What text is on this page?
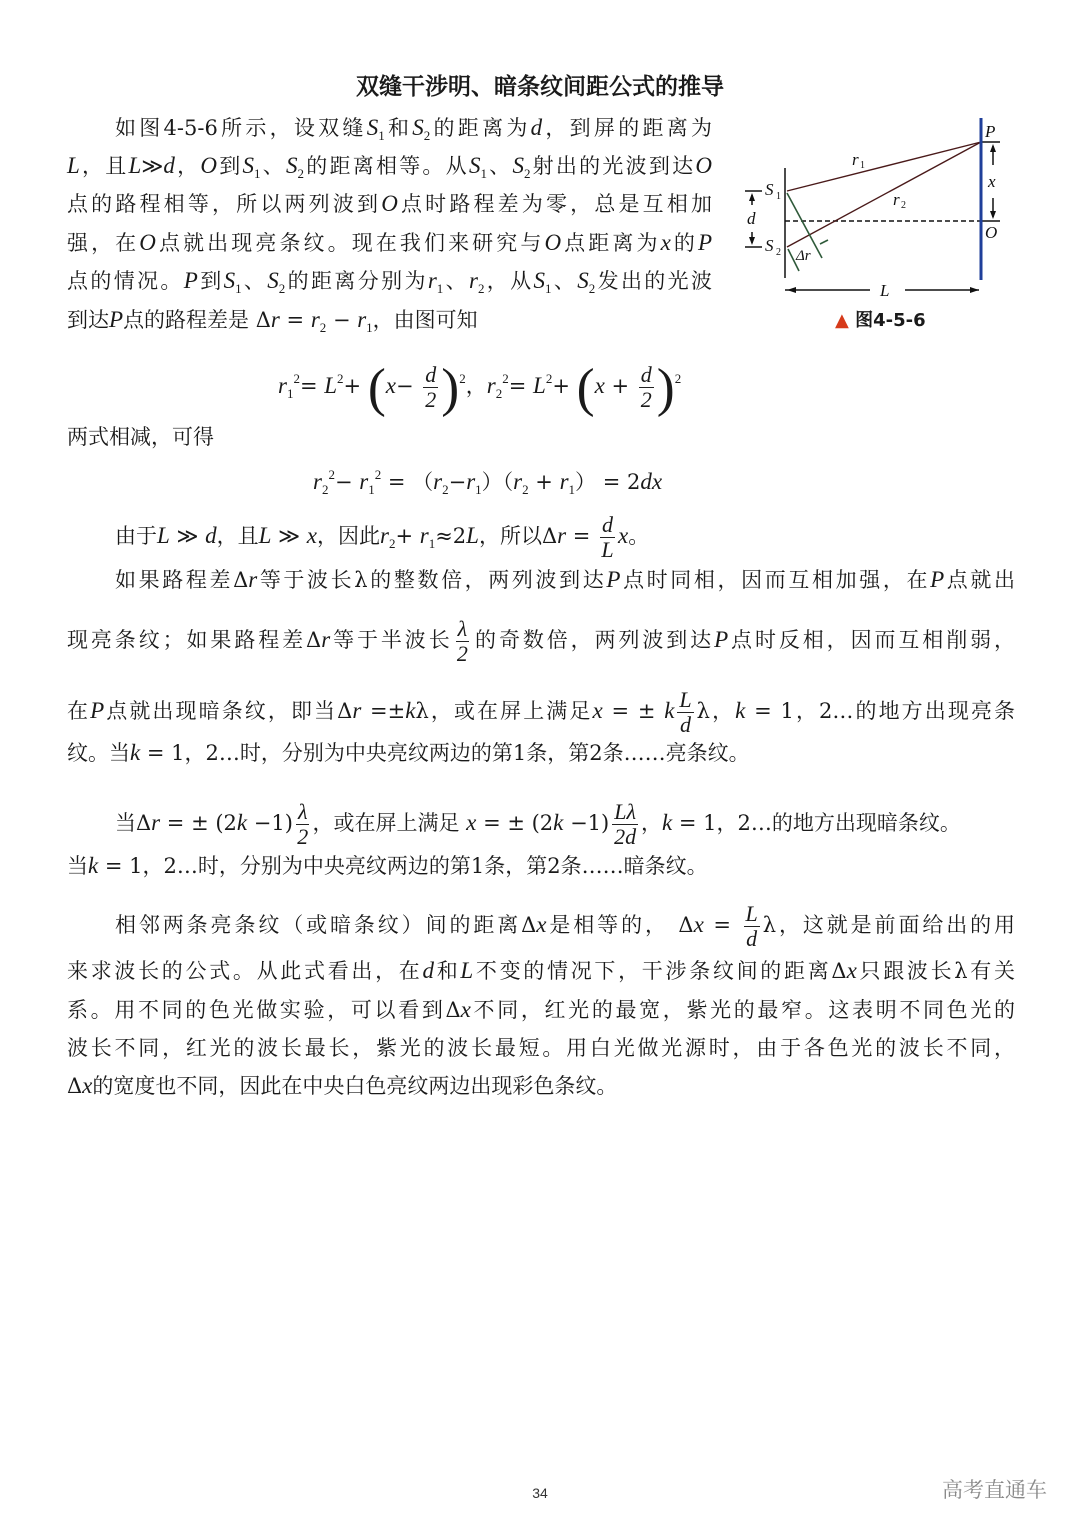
双缝干涉明、暗条纹间距公式的推导
如图4-5-6所示，设双缝$S_1$和$S_2$的距离为d，到屏的距离为
L，且L≫d，O到$S_1$、$S_2$的距离相等。从$S_1$、$S_2$射出的光波到达O
点的路程相等，所以两列波到O点时路程差为零，总是互相加
强，在O点就出现亮条纹。现在我们来研究与O点距离为x的P
点的情况。P到$S_1$、$S_2$的距离分别为$r_1$、$r_2$，从$S_1$、$S_2$发出的光波
到达P点的路程差是 $\Delta r = r_2 - r_1$，由图可知
$r_1^2= L^2+ (x- \frac{d}{2} )^2$，$r_2^2= L^2+ (x + \frac{d}{2} )^2$
两式相减，可得
$r_2^2- r_1^2 = (r_2-r_1)(r_2 + r_1) = 2dx$
由于L ≫ d，且L ≫ x，因此$r_2+ r_1\approx 2L$，所以$\Delta r = \frac{d}{L}$ x。
如果路程差Δr等于波长λ的整数倍，两列波到达P点时同相，因而互相加强，在P点就出
现亮条纹；如果路程差Δr等于半波长 $\frac{\lambda}{2}$ 的奇数倍，两列波到达P点时反相，因而互相削弱，
在P点就出现暗条纹，即当Δr =±kλ，或在屏上满足x = ± k $\frac{L}{d}$ λ，k = 1，2…的地方出现亮条
纹。当k = 1，2…时，分别为中央亮纹两边的第1条，第2条……亮条纹。
当Δr = ± $(2k -1) \frac{\lambda}{2}$ ，或在屏上满足 x = ± $(2k -1) \frac{L\lambda}{2d}$ ，k = 1，2…的地方出现暗条纹。
当k = 1，2…时，分别为中央亮纹两边的第1条，第2条……暗条纹。
相邻两条亮条纹（或暗条纹）间的距离Δx是相等的， $\Delta x = \frac{L}{d}$ λ，这就是前面给出的用
来求波长的公式。从此式看出，在d和L不变的情况下，干涉条纹间的距离Δx只跟波长λ有关
系。用不同的色光做实验，可以看到Δx不同，红光的最宽，紫光的最窄。这表明不同色光的
波长不同，红光的波长最长，紫光的波长最短。用白光做光源时，由于各色光的波长不同，
Δx的宽度也不同，因此在中央白色亮纹两边出现彩色条纹。
P
O
x
d
L
S 1
S 2
r 1
r 2
Δr
▲ 图4-5-6
34	高考直通车
